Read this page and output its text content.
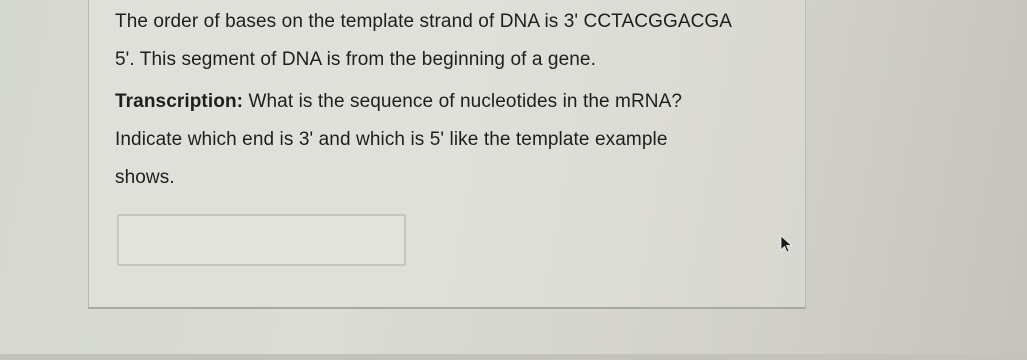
The order of bases on the template strand of DNA is 3' CCTACGGACGA
5'. This segment of DNA is from the beginning of a gene.

Transcription: What is the sequence of nucleotides in the mRNA?
Indicate which end is 3' and which is 5' like the template example
shows.
